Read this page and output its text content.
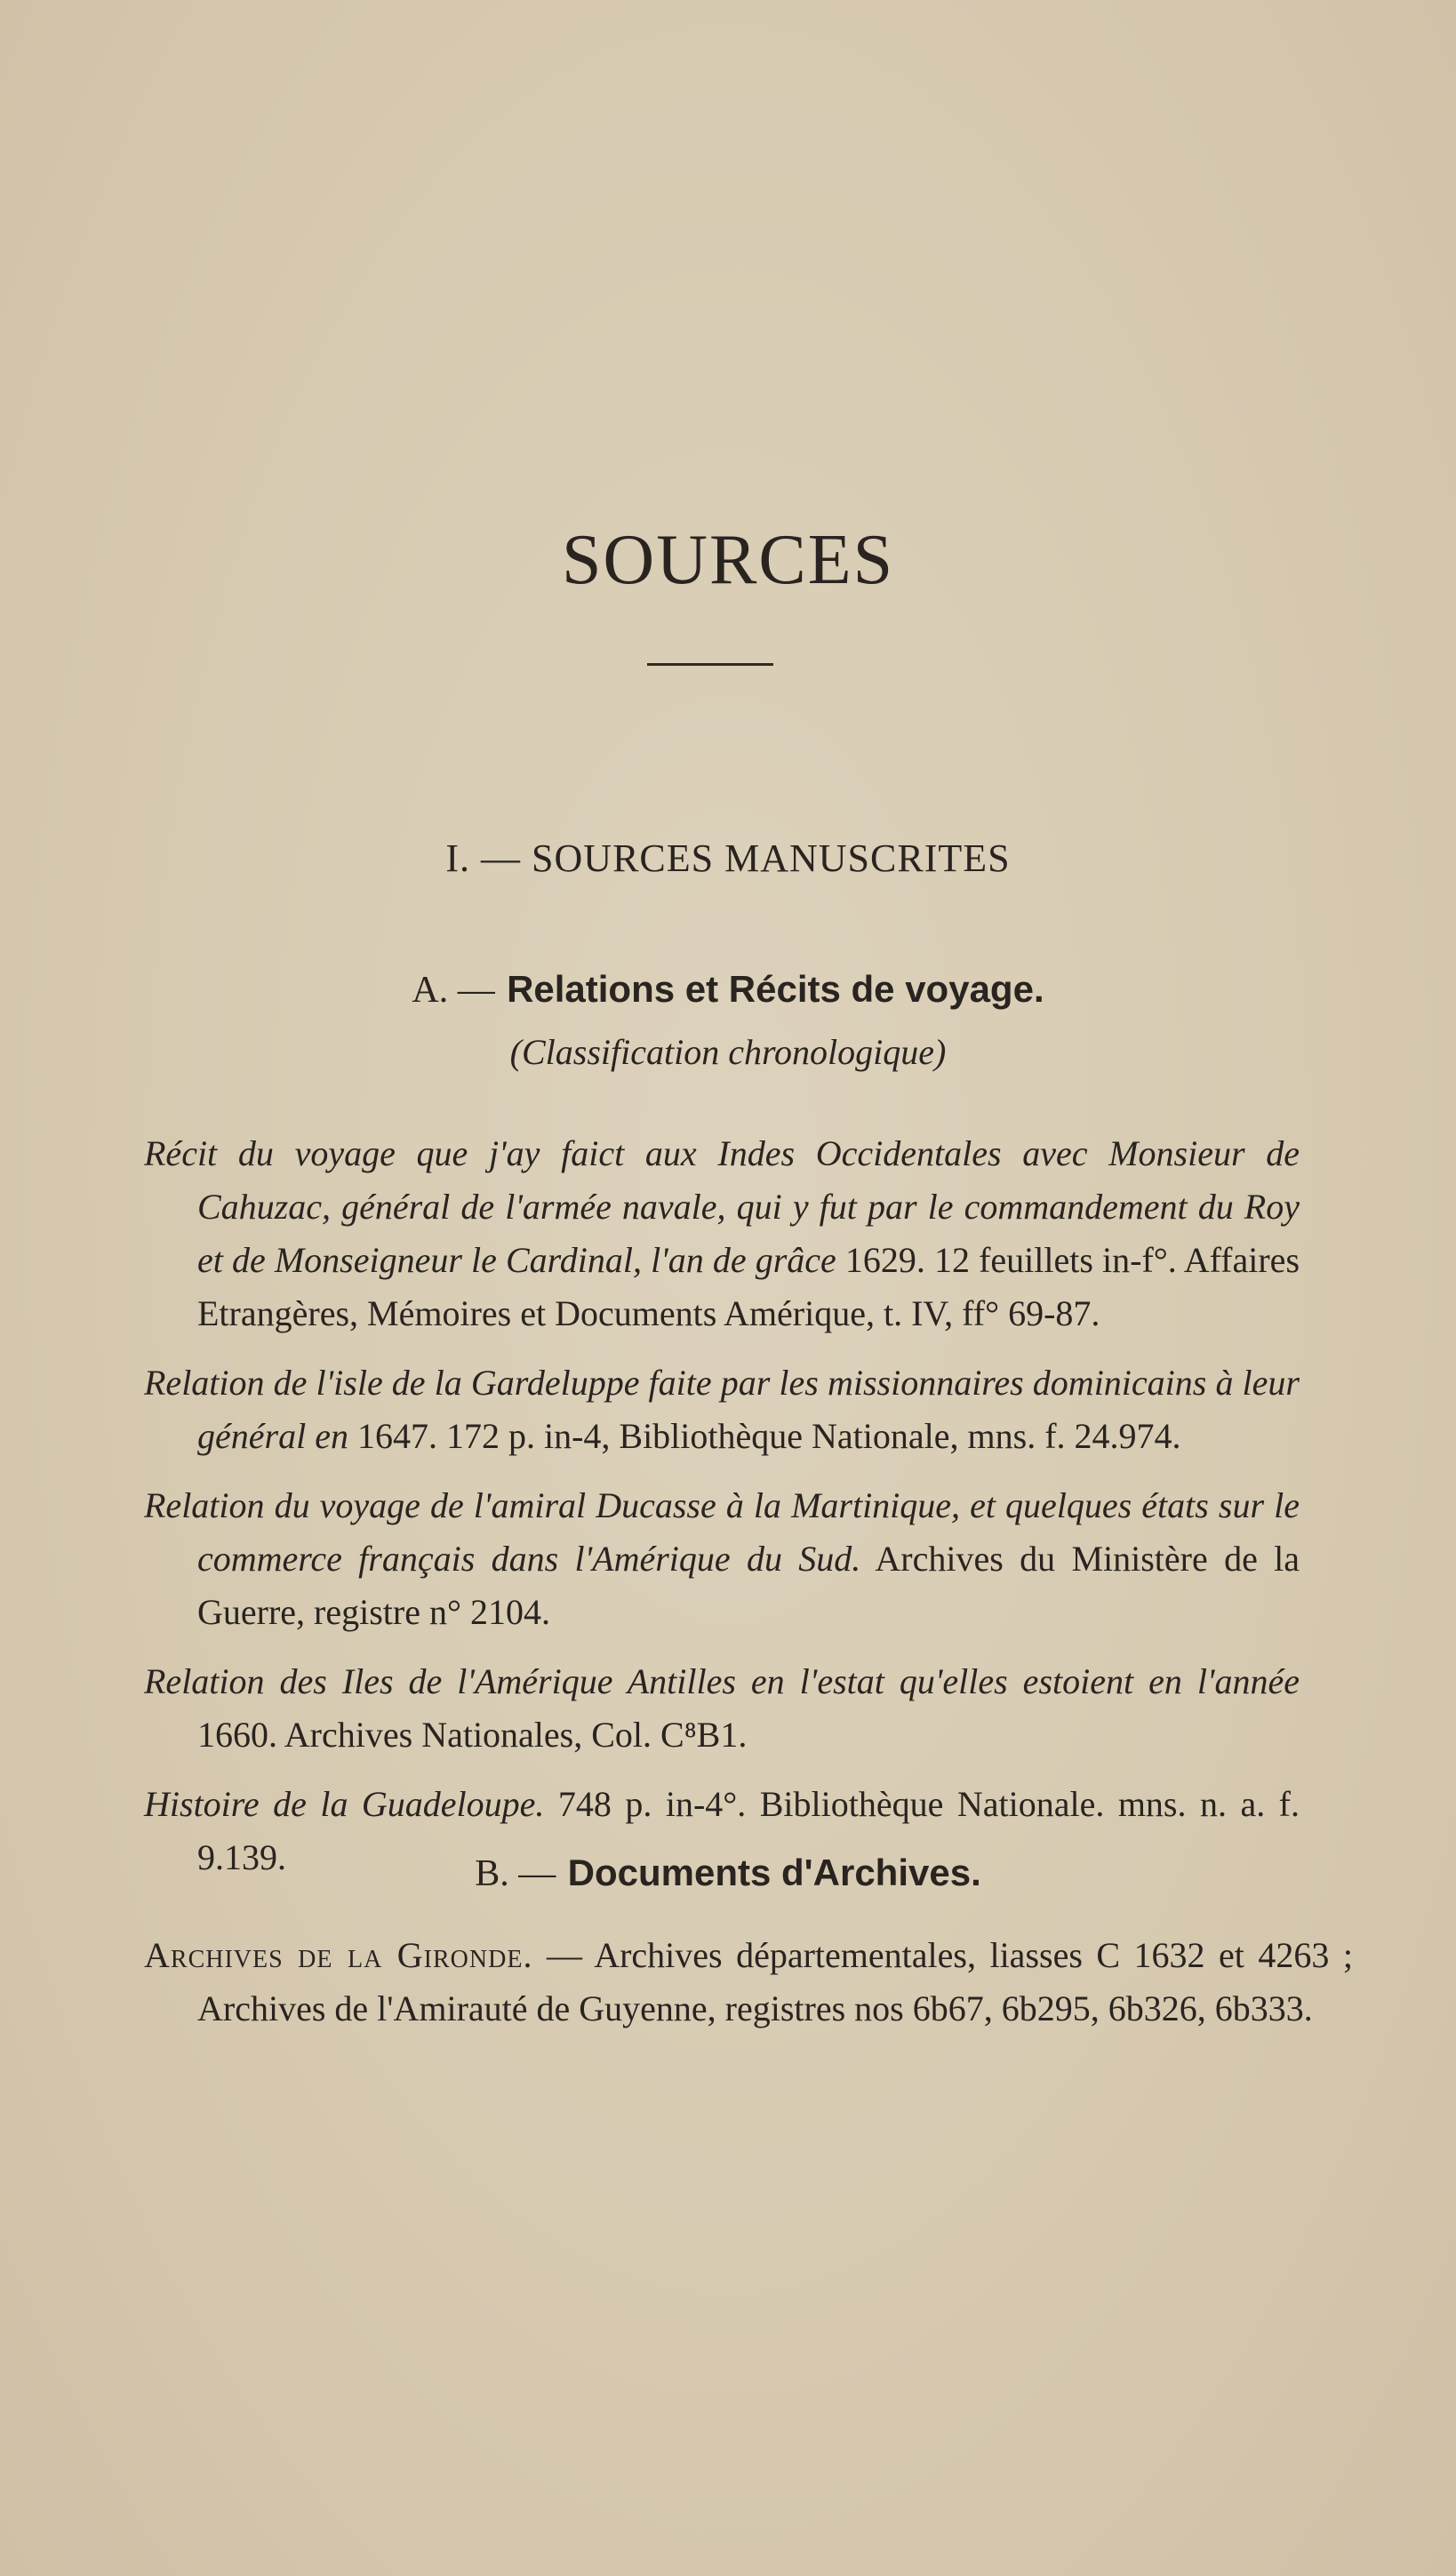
SOURCES
I. — SOURCES MANUSCRITES
A. — Relations et Récits de voyage.
(Classification chronologique)
Récit du voyage que j'ay faict aux Indes Occidentales avec Monsieur de Cahuzac, général de l'armée navale, qui y fut par le commandement du Roy et de Monseigneur le Cardinal, l'an de grâce 1629. 12 feuillets in-f°. Affaires Etrangères, Mémoires et Documents Amérique, t. IV, ff° 69-87.
Relation de l'isle de la Gardeluppe faite par les missionnaires dominicains à leur général en 1647. 172 p. in-4, Bibliothèque Nationale, mns. f. 24.974.
Relation du voyage de l'amiral Ducasse à la Martinique, et quelques états sur le commerce français dans l'Amérique du Sud. Archives du Ministère de la Guerre, registre n° 2104.
Relation des Iles de l'Amérique Antilles en l'estat qu'elles estoient en l'année 1660. Archives Nationales, Col. C⁸B1.
Histoire de la Guadeloupe. 748 p. in-4°. Bibliothèque Nationale. mns. n. a. f. 9.139.	B. — Documents d'Archives.
Archives de la Gironde. — Archives départementales, liasses C 1632 et 4263 ; Archives de l'Amirauté de Guyenne, registres nos 6b67, 6b295, 6b326, 6b333.
